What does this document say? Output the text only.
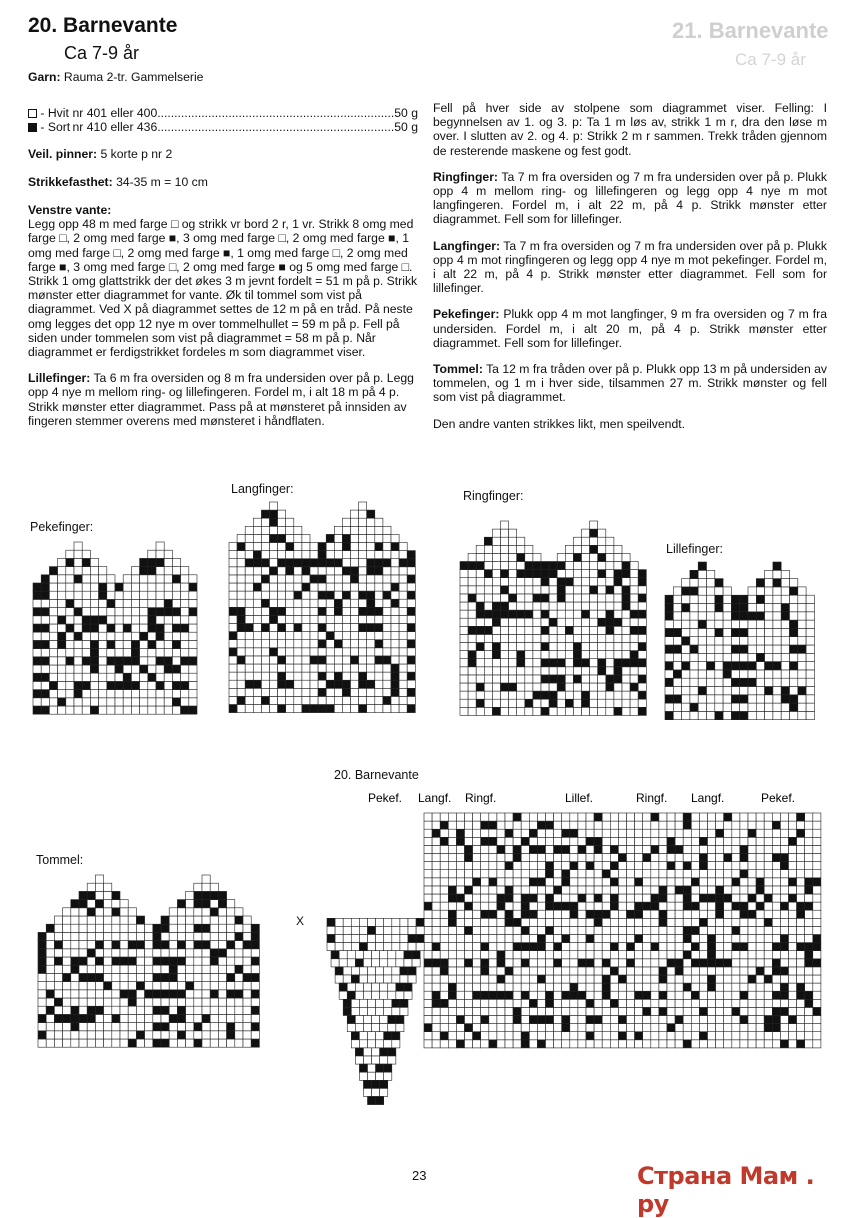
21. Barnevante
Ca 7-9 år
20. Barnevante
Ca 7-9 år

Garn: Rauma 2-tr. Gammelserie

- Hvit nr 401 eller 400 ...................................................................... 50 g
- Sort nr 410 eller 436 ...................................................................... 50 g

Veil. pinner: 5 korte p nr 2

Strikkefasthet: 34-35 m = 10 cm

Venstre vante:
Legg opp 48 m med farge □ og strikk vr bord 2 r, 1 vr. Strikk 8 omg med farge □, 2 omg med farge ■, 3 omg med farge □, 2 omg med farge ■, 1 omg med farge □, 2 omg med farge ■, 1 omg med farge □, 2 omg med farge ■, 3 omg med farge □, 2 omg med farge ■ og 5 omg med farge □. Strikk 1 omg glattstrikk der det økes 3 m jevnt fordelt = 51 m på p. Strikk mønster etter diagrammet for vante. Øk til tommel som vist på diagrammet. Ved X på diagrammet settes de 12 m på en tråd. På neste omg legges det opp 12 nye m over tommelhullet = 59 m på p. Fell på siden under tommelen som vist på diagrammet = 58 m på p. Når diagrammet er ferdigstrikket fordeles m som diagrammet viser.

Lillefinger: Ta 6 m fra oversiden og 8 m fra undersiden over på p. Legg opp 4 nye m mellom ring- og lillefingeren. Fordel m, i alt 18 m på 4 p. Strikk mønster etter diagrammet. Pass på at mønsteret på innsiden av fingeren stemmer overens med mønsteret i håndflaten.

Fell på hver side av stolpene som diagrammet viser. Felling: I begynnelsen av 1. og 3. p: Ta 1 m løs av, strikk 1 m r, dra den løse m over. I slutten av 2. og 4. p: Strikk 2 m r sammen. Trekk tråden gjennom de resterende maskene og fest godt.

Ringfinger: Ta 7 m fra oversiden og 7 m fra undersiden over på p. Plukk opp 4 m mellom ring- og lillefingeren og legg opp 4 nye m mot langfingeren. Fordel m, i alt 22 m, på 4 p. Strikk mønster etter diagrammet. Fell som for lillefinger.

Langfinger: Ta 7 m fra oversiden og 7 m fra undersiden over på p. Plukk opp 4 m mot ringfingeren og legg opp 4 nye m mot pekefinger. Fordel m, i alt 22 m, på 4 p. Strikk mønster etter diagrammet. Fell som for lillefinger.

Pekefinger: Plukk opp 4 m mot langfinger, 9 m fra oversiden og 7 m fra undersiden. Fordel m, i alt 20 m, på 4 p. Strikk mønster etter diagrammet. Fell som for lillefinger.

Tommel: Ta 12 m fra tråden over på p. Plukk opp 13 m på undersiden av tommelen, og 1 m i hver side, tilsammen 27 m. Strikk mønster og fell som vist på diagrammet.

Den andre vanten strikkes likt, men speilvendt.

Pekefinger:
Langfinger:	Ringfinger:
Lillefinger:
Tommel:
20. Barnevante
X
Pekef. Langf. Ringf.	Lillef.	Ringf. Langf.	Pekef.
23	Страна Мам . ру
